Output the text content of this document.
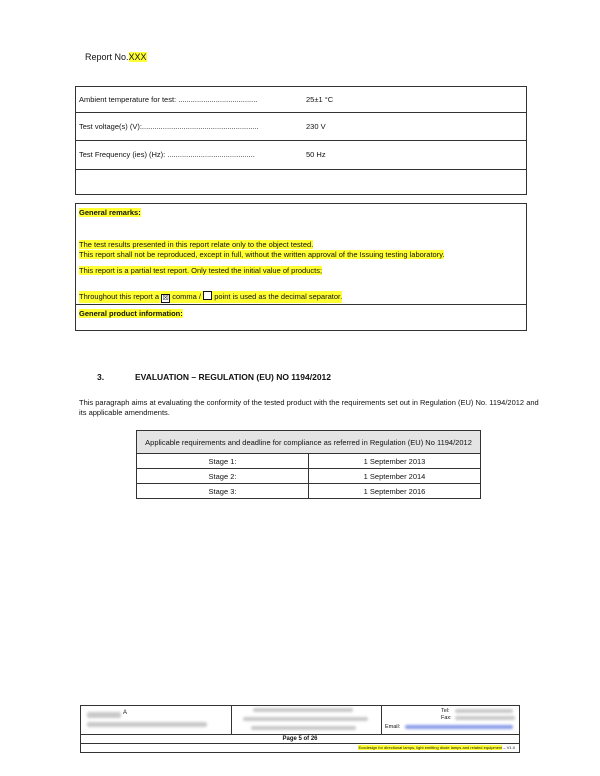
Report No.XXX
Ambient temperature for test: ......................................	25±1 °C
Test voltage(s) (V):........................................................	230 V
Test Frequency (ies) (Hz): ..........................................	50 Hz
General remarks:
The test results presented in this report relate only to the object tested.
This report shall not be reproduced, except in full, without the written approval of the Issuing testing laboratory.
This report is a partial test report. Only tested the initial value of products;
Throughout this report a ☒ comma / point is used as the decimal separator.
General product information:
3.	EVALUATION – REGULATION (EU) NO 1194/2012
This paragraph aims at evaluating the conformity of the tested product with the requirements set out in Regulation (EU) No. 1194/2012 and its applicable amendments.
Applicable requirements and deadline for compliance as referred in Regulation (EU) No 1194/2012	
Stage 1:	1 September 2013
Stage 2:	1 September 2014
Stage 3:	1 September 2016
A	Tel:
Fax:
Email:
Page 5 of 26
Ecodesign for directional lamps, light emitting diode lamps and related equipment – V1.0
